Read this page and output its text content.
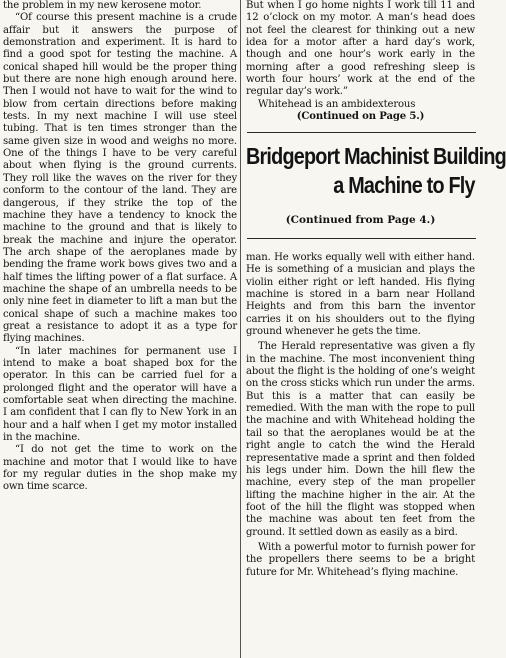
the problem in my new kerosene motor.

“Of course this present machine is a crude affair but it answers the purpose of demonstration and experiment. It is hard to find a good spot for testing the machine. A conical shaped hill would be the proper thing but there are none high enough around here. Then I would not have to wait for the wind to blow from certain directions before making tests. In my next machine I will use steel tubing. That is ten times stronger than the same given size in wood and weighs no more. One of the things I have to be very careful about when flying is the ground currents. They roll like the waves on the river for they conform to the contour of the land. They are dangerous, if they strike the top of the machine they have a tendency to knock the machine to the ground and that is likely to break the machine and injure the operator. The arch shape of the aeroplanes made by bending the frame work bows gives two and a half times the lifting power of a flat surface. A machine the shape of an umbrella needs to be only nine feet in diameter to lift a man but the conical shape of such a machine makes too great a resistance to adopt it as a type for flying machines.

“In later machines for permanent use I intend to make a boat shaped box for the operator. In this can be carried fuel for a prolonged flight and the operator will have a comfortable seat when directing the machine. I am confident that I can fly to New York in an hour and a half when I get my motor installed in the machine.

“I do not get the time to work on the machine and motor that I would like to have for my regular duties in the shop make my own time scarce.

But when I go home nights I work till 11 and 12 o’clock on my motor. A man’s head does not feel the clearest for thinking out a new idea for a motor after a hard day’s work, though and one hour’s work early in the morning after a good refreshing sleep is worth four hours’ work at the end of the regular day’s work.”

Whitehead is an ambidexterous

(Continued on Page 5.)

Bridgeport Machinist Building
a Machine to Fly
(Continued from Page 4.)

man. He works equally well with either hand. He is something of a musician and plays the violin either right or left handed. His flying machine is stored in a barn near Holland Heights and from this barn the inventor carries it on his shoulders out to the flying ground whenever he gets the time.

The Herald representative was given a fly in the machine. The most inconvenient thing about the flight is the holding of one’s weight on the cross sticks which run under the arms. But this is a matter that can easily be remedied. With the man with the rope to pull the machine and with Whitehead holding the tail so that the aeroplanes would be at the right angle to catch the wind the Herald representative made a sprint and then folded his legs under him. Down the hill flew the machine, every step of the man propeller lifting the machine higher in the air. At the foot of the hill the flight was stopped when the machine was about ten feet from the ground. It settled down as easily as a bird.

With a powerful motor to furnish power for the propellers there seems to be a bright future for Mr. Whitehead’s flying machine.
